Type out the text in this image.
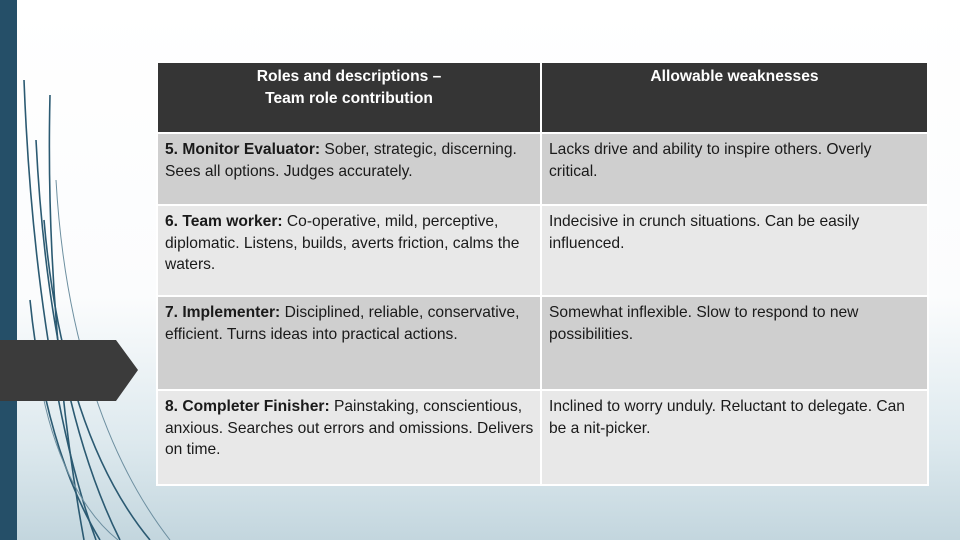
Roles and descriptions –
Team role contribution	Allowable weaknesses
5. Monitor Evaluator: Sober, strategic, discerning. Sees all options. Judges accurately.	Lacks drive and ability to inspire others. Overly critical.
6. Team worker: Co-operative, mild, perceptive, diplomatic. Listens, builds, averts friction, calms the waters.	Indecisive in crunch situations. Can be easily influenced.
7. Implementer: Disciplined, reliable, conservative, efficient. Turns ideas into practical actions.	Somewhat inflexible. Slow to respond to new possibilities.
8. Completer Finisher: Painstaking, conscientious, anxious. Searches out errors and omissions. Delivers on time.	Inclined to worry unduly. Reluctant to delegate. Can be a nit-picker.
